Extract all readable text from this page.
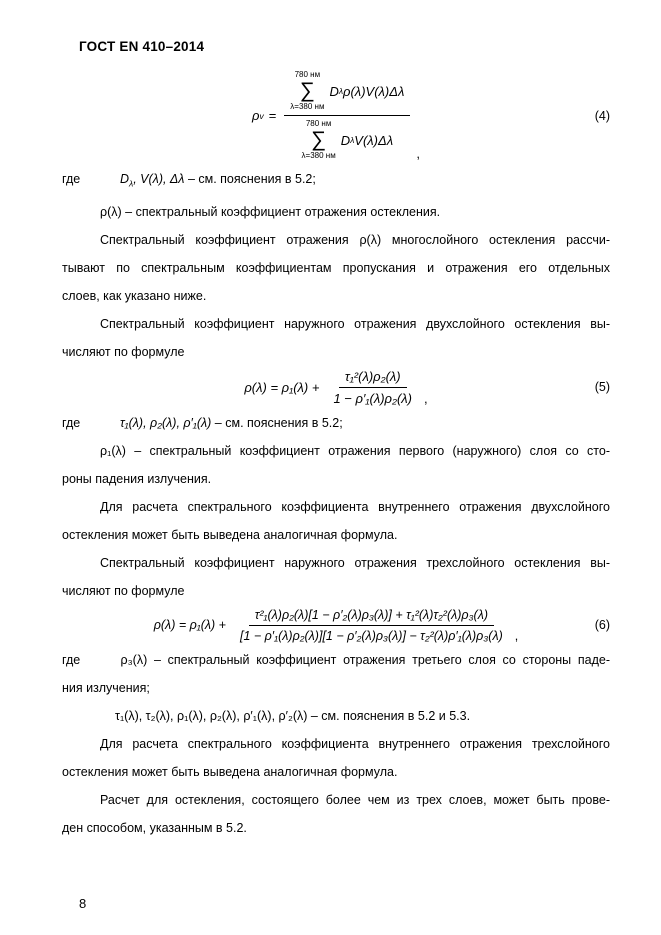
ГОСТ EN 410–2014
ρ v =
780 нм
∑
λ=380 нм
D λ ρ(λ)V(λ)Δλ
780 нм
∑
λ=380 нм
D λ V(λ)Δλ
,
(4)
где	$D_\lambda$, V(λ), Δλ – см. пояснения в 5.2;
ρ(λ) – спектральный коэффициент отражения остекления.
Спектральный коэффициент отражения ρ(λ) многослойного остекления рассчи-
тывают по спектральным коэффициентам пропускания и отражения его отдельных
слоев, как указано ниже.
Спектральный коэффициент наружного отражения двухслойного остекления вы-
числяют по формуле
$\rho(\lambda) = \rho_1(\lambda) + \frac{\text{τ₁²(λ)ρ₂(λ)}}{\text{1 − ρ′₁(λ)ρ₂(λ)}}$ ,
(5)
где	τ₁(λ), ρ₂(λ), ρ′₁(λ) – см. пояснения в 5.2;
ρ₁(λ) – спектральный коэффициент отражения первого (наружного) слоя со сто-
роны падения излучения.
Для расчета спектрального коэффициента внутреннего отражения двухслойного
остекления может быть выведена аналогичная формула.
Спектральный коэффициент наружного отражения трехслойного остекления вы-
числяют по формуле
$\rho(\lambda) = \rho_1(\lambda) + \frac{\text{τ²₁(λ)ρ₂(λ)[1 − ρ′₂(λ)ρ₃(λ)] + τ₁²(λ)τ₂²(λ)ρ₃(λ)}}{\text{[1 − ρ′₁(λ)ρ₂(λ)][1 − ρ′₂(λ)ρ₃(λ)] − τ₂²(λ)ρ′₁(λ)ρ₃(λ)}}$ ,
(6)
где      ρ₃(λ) – спектральный коэффициент отражения третьего слоя со стороны паде-
ния излучения;
τ₁(λ), τ₂(λ), ρ₁(λ), ρ₂(λ), ρ′₁(λ), ρ′₂(λ) – см. пояснения в 5.2 и 5.3.
Для расчета спектрального коэффициента внутреннего отражения трехслойного
остекления может быть выведена аналогичная формула.
Расчет для остекления, состоящего более чем из трех слоев, может быть прове-
ден способом, указанным в 5.2.
8
